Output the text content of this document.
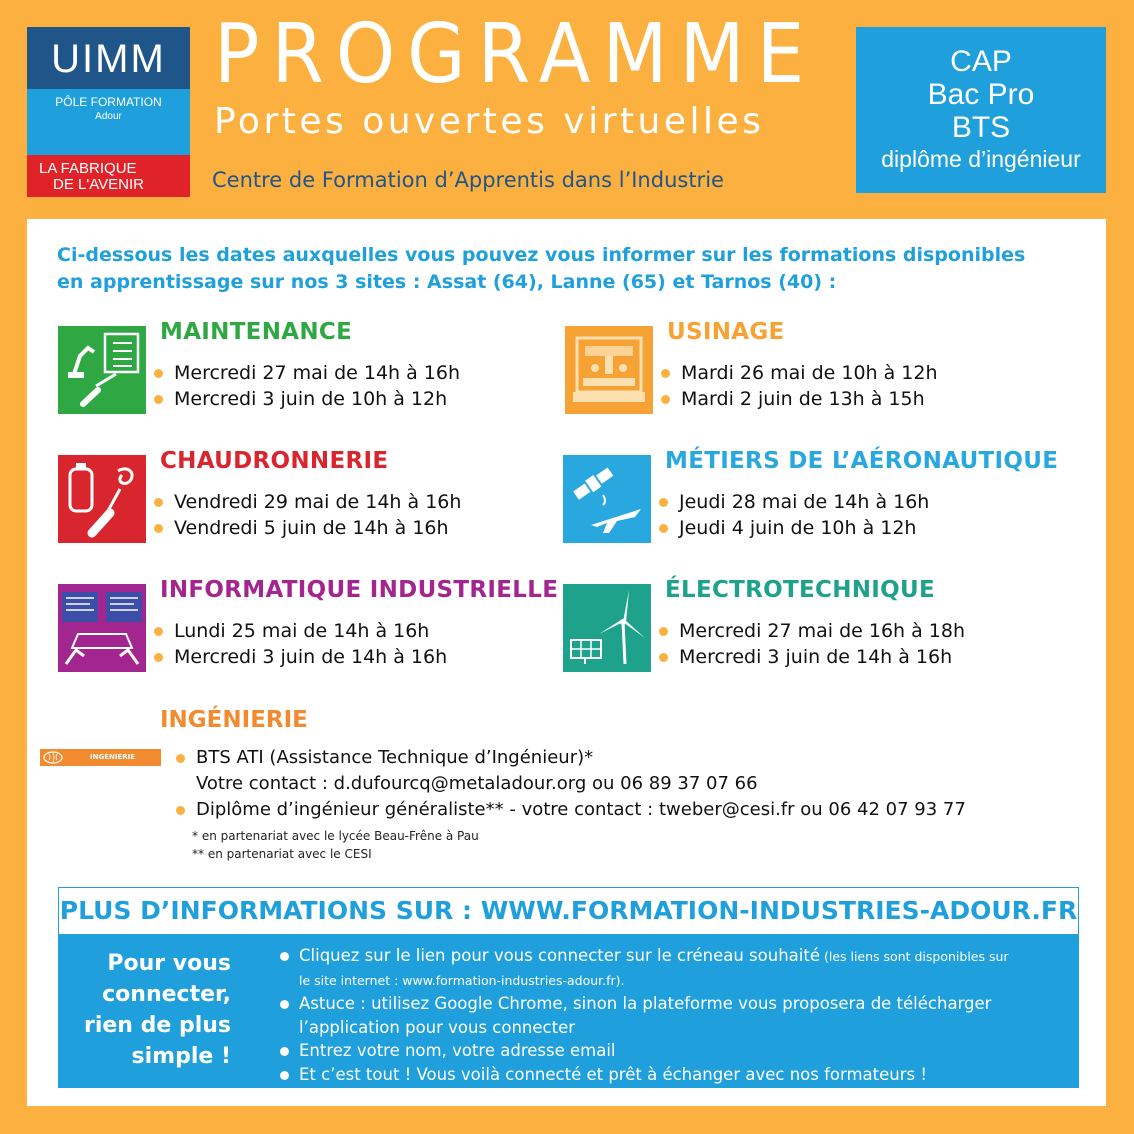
UIMM
PÔLE FORMATION
Adour
LA FABRIQUE
DE L'AVENIR
PROGRAMME
Portes ouvertes virtuelles
Centre de Formation d’Apprentis dans l’Industrie
CAP
Bac Pro
BTS
diplôme d’ingénieur
Ci-dessous les dates auxquelles vous pouvez vous informer sur les formations disponibles en apprentissage sur nos 3 sites : Assat (64), Lanne (65) et Tarnos (40) :
MAINTENANCE
Mercredi 27 mai de 14h à 16h
Mercredi 3 juin de 10h à 12h
USINAGE
Mardi 26 mai de 10h à 12h
Mardi 2 juin de 13h à 15h
CHAUDRONNERIE
Vendredi 29 mai de 14h à 16h
Vendredi 5 juin de 14h à 16h
MÉTIERS DE L’AÉRONAUTIQUE
Jeudi 28 mai de 14h à 16h
Jeudi 4 juin de 10h à 12h
INFORMATIQUE INDUSTRIELLE
Lundi 25 mai de 14h à 16h
Mercredi 3 juin de 14h à 16h
ÉLECTROTECHNIQUE
Mercredi 27 mai de 16h à 18h
Mercredi 3 juin de 14h à 16h
INGÉNIERIE
INGÉNIERIE	BTS ATI (Assistance Technique d’Ingénieur)*
Votre contact : d.dufourcq@metaladour.org ou 06 89 37 07 66
Diplôme d’ingénieur généraliste** - votre contact : tweber@cesi.fr ou 06 42 07 93 77
* en partenariat avec le lycée Beau-Frêne à Pau
** en partenariat avec le CESI
PLUS D’INFORMATIONS SUR : WWW.FORMATION-INDUSTRIES-ADOUR.FR
Pour vous
connecter,
rien de plus
simple !
Cliquez sur le lien pour vous connecter sur le créneau souhaité (les liens sont disponibles sur
le site internet : www.formation-industries-adour.fr).
Astuce : utilisez Google Chrome, sinon la plateforme vous proposera de télécharger
l’application pour vous connecter
Entrez votre nom, votre adresse email
Et c’est tout ! Vous voilà connecté et prêt à échanger avec nos formateurs !
